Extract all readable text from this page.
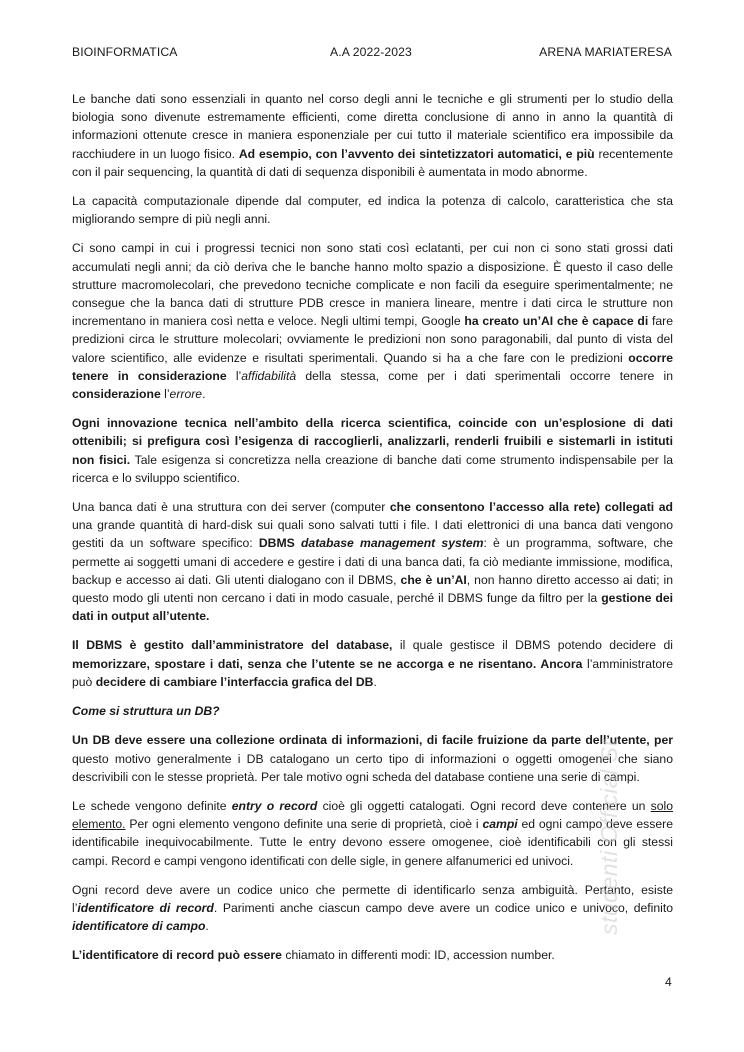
BIOINFORMATICA	A.A 2022-2023	ARENA MARIATERESA

Le banche dati sono essenziali in quanto nel corso degli anni le tecniche e gli strumenti per lo studio della biologia sono divenute estremamente efficienti, come diretta conclusione di anno in anno la quantità di informazioni ottenute cresce in maniera esponenziale per cui tutto il materiale scientifico era impossibile da racchiudere in un luogo fisico. Ad esempio, con l’avvento dei sintetizzatori automatici, e più recentemente con il pair sequencing, la quantità di dati di sequenza disponibili è aumentata in modo abnorme.

La capacità computazionale dipende dal computer, ed indica la potenza di calcolo, caratteristica che sta migliorando sempre di più negli anni.

Ci sono campi in cui i progressi tecnici non sono stati così eclatanti, per cui non ci sono stati grossi dati accumulati negli anni; da ciò deriva che le banche hanno molto spazio a disposizione. È questo il caso delle strutture macromolecolari, che prevedono tecniche complicate e non facili da eseguire sperimentalmente; ne consegue che la banca dati di strutture PDB cresce in maniera lineare, mentre i dati circa le strutture non incrementano in maniera così netta e veloce. Negli ultimi tempi, Google ha creato un’AI che è capace di fare predizioni circa le strutture molecolari; ovviamente le predizioni non sono paragonabili, dal punto di vista del valore scientifico, alle evidenze e risultati sperimentali. Quando si ha a che fare con le predizioni occorre tenere in considerazione l’affidabilità della stessa, come per i dati sperimentali occorre tenere in considerazione l’errore.

Ogni innovazione tecnica nell’ambito della ricerca scientifica, coincide con un’esplosione di dati ottenibili; si prefigura così l’esigenza di raccoglierli, analizzarli, renderli fruibili e sistemarli in istituti non fisici. Tale esigenza si concretizza nella creazione di banche dati come strumento indispensabile per la ricerca e lo sviluppo scientifico.

Una banca dati è una struttura con dei server (computer che consentono l’accesso alla rete) collegati ad una grande quantità di hard-disk sui quali sono salvati tutti i file. I dati elettronici di una banca dati vengono gestiti da un software specifico: DBMS database management system: è un programma, software, che permette ai soggetti umani di accedere e gestire i dati di una banca dati, fa ciò mediante immissione, modifica, backup e accesso ai dati. Gli utenti dialogano con il DBMS, che è un’AI, non hanno diretto accesso ai dati; in questo modo gli utenti non cercano i dati in modo casuale, perché il DBMS funge da filtro per la gestione dei dati in output all’utente.

Il DBMS è gestito dall’amministratore del database, il quale gestisce il DBMS potendo decidere di memorizzare, spostare i dati, senza che l’utente se ne accorga e ne risentano. Ancora l’amministratore può decidere di cambiare l’interfaccia grafica del DB.

Come si struttura un DB?

Un DB deve essere una collezione ordinata di informazioni, di facile fruizione da parte dell’utente, per questo motivo generalmente i DB catalogano un certo tipo di informazioni o oggetti omogenei che siano descrivibili con le stesse proprietà. Per tale motivo ogni scheda del database contiene una serie di campi.

Le schede vengono definite entry o record cioè gli oggetti catalogati. Ogni record deve contenere un solo elemento. Per ogni elemento vengono definite una serie di proprietà, cioè i campi ed ogni campo deve essere identificabile inequivocabilmente. Tutte le entry devono essere omogenee, cioè identificabili con gli stessi campi. Record e campi vengono identificati con delle sigle, in genere alfanumerici ed univoci.

Ogni record deve avere un codice unico che permette di identificarlo senza ambiguità. Pertanto, esiste l’identificatore di record. Parimenti anche ciascun campo deve avere un codice unico e univoco, definito identificatore di campo.

L’identificatore di record può essere chiamato in differenti modi: ID, accession number.

studenti Official St
4
